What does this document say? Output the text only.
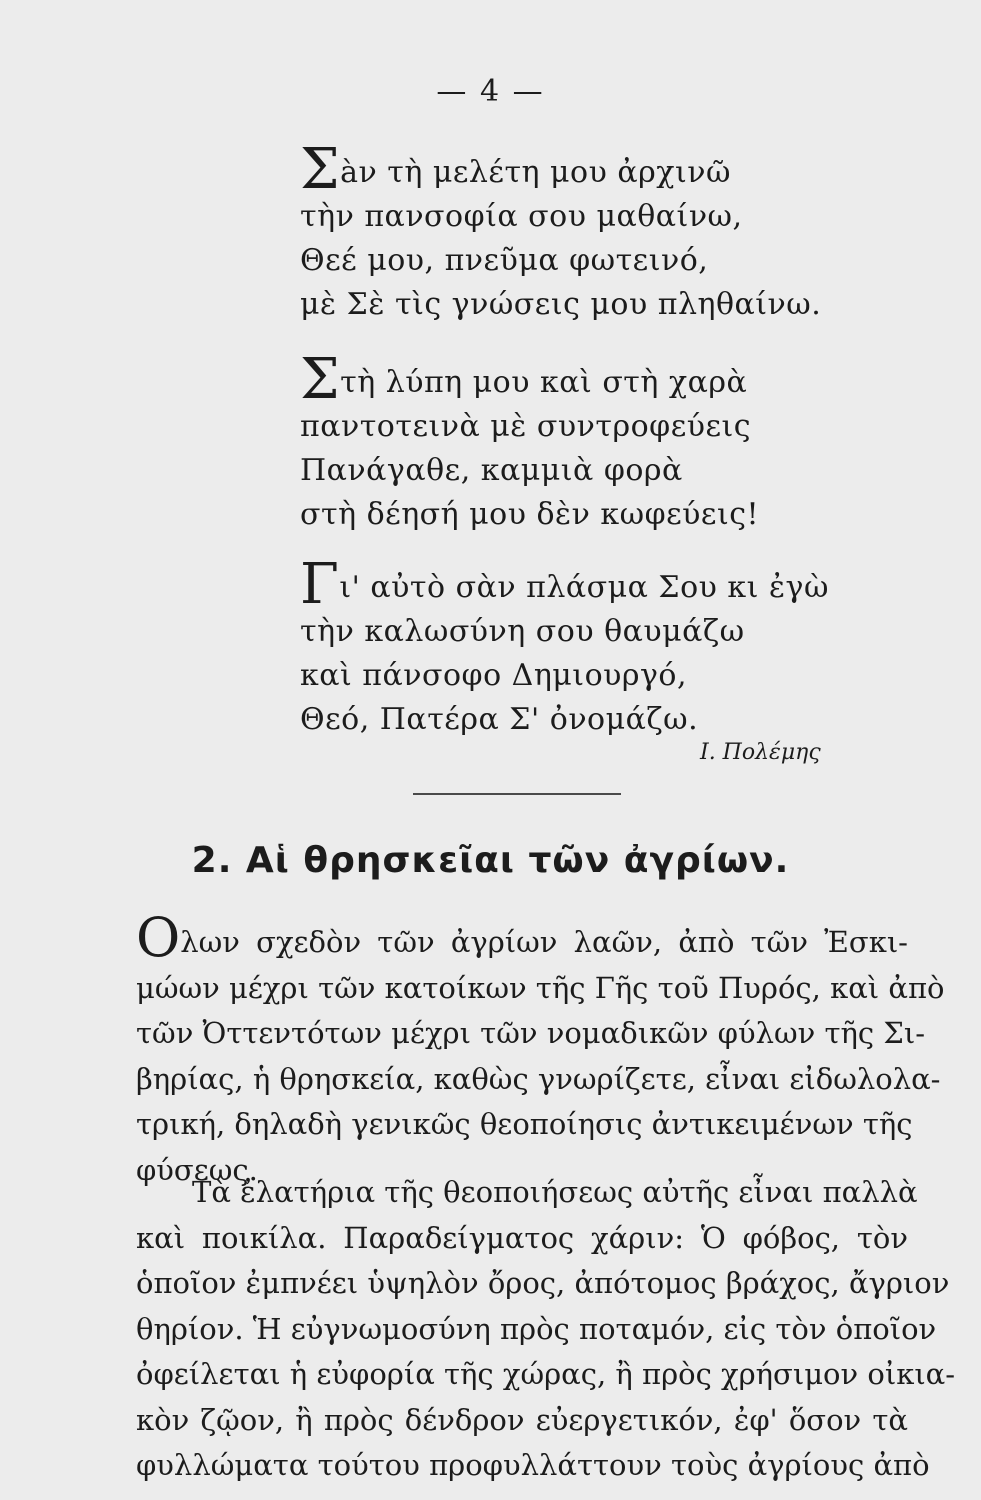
— 4 —
Σàν τὴ μελέτη μου ἀρχινῶ
τὴν πανσοφία σου μαθαίνω,
Θεέ μου, πνεῦμα φωτεινό,
μὲ Σὲ τὶς γνώσεις μου πληθαίνω.
Στὴ λύπη μου καὶ στὴ χαρὰ
παντοτεινὰ μὲ συντροφεύεις
Πανάγαθε, καμμιὰ φορὰ
στὴ δέησή μου δὲν κωφεύεις!
Γι' αὐτὸ σὰν πλάσμα Σου κι ἐγὼ
τὴν καλωσύνη σου θαυμάζω
καὶ πάνσοφο Δημιουργό,
Θεό, Πατέρα Σ' ὀνομάζω.
Ι. Πολέμης
2. Αἱ θρησκεῖαι τῶν ἀγρίων.
Ολων σχεδὸν τῶν ἀγρίων λαῶν, ἀπὸ τῶν Ἐσκι-
μώων μέχρι τῶν κατοίκων τῆς Γῆς τοῦ Πυρός, καὶ ἀπὸ
τῶν Ὀττεντότων μέχρι τῶν νομαδικῶν φύλων τῆς Σι-
βηρίας, ἡ θρησκεία, καθὼς γνωρίζετε, εἶναι εἰδωλολα-
τρική, δηλαδὴ γενικῶς θεοποίησις ἀντικειμένων τῆς
φύσεως.
Τὰ ἐλατήρια τῆς θεοποιήσεως αὐτῆς εἶναι παλλὰ
καὶ ποικίλα. Παραδείγματος χάριν: Ὁ φόβος, τὸν
ὁποῖον ἐμπνέει ὑψηλὸν ὄρος, ἀπότομος βράχος, ἄγριον
θηρίον. Ἡ εὐγνωμοσύνη πρὸς ποταμόν, εἰς τὸν ὁποῖον
ὀφείλεται ἡ εὐφορία τῆς χώρας, ἢ πρὸς χρήσιμον οἰκια-
κὸν ζῷον, ἢ πρὸς δένδρον εὐεργετικόν, ἐφ' ὅσον τὰ
φυλλώματα τούτου προφυλλάττουν τοὺς ἀγρίους ἀπὸ
